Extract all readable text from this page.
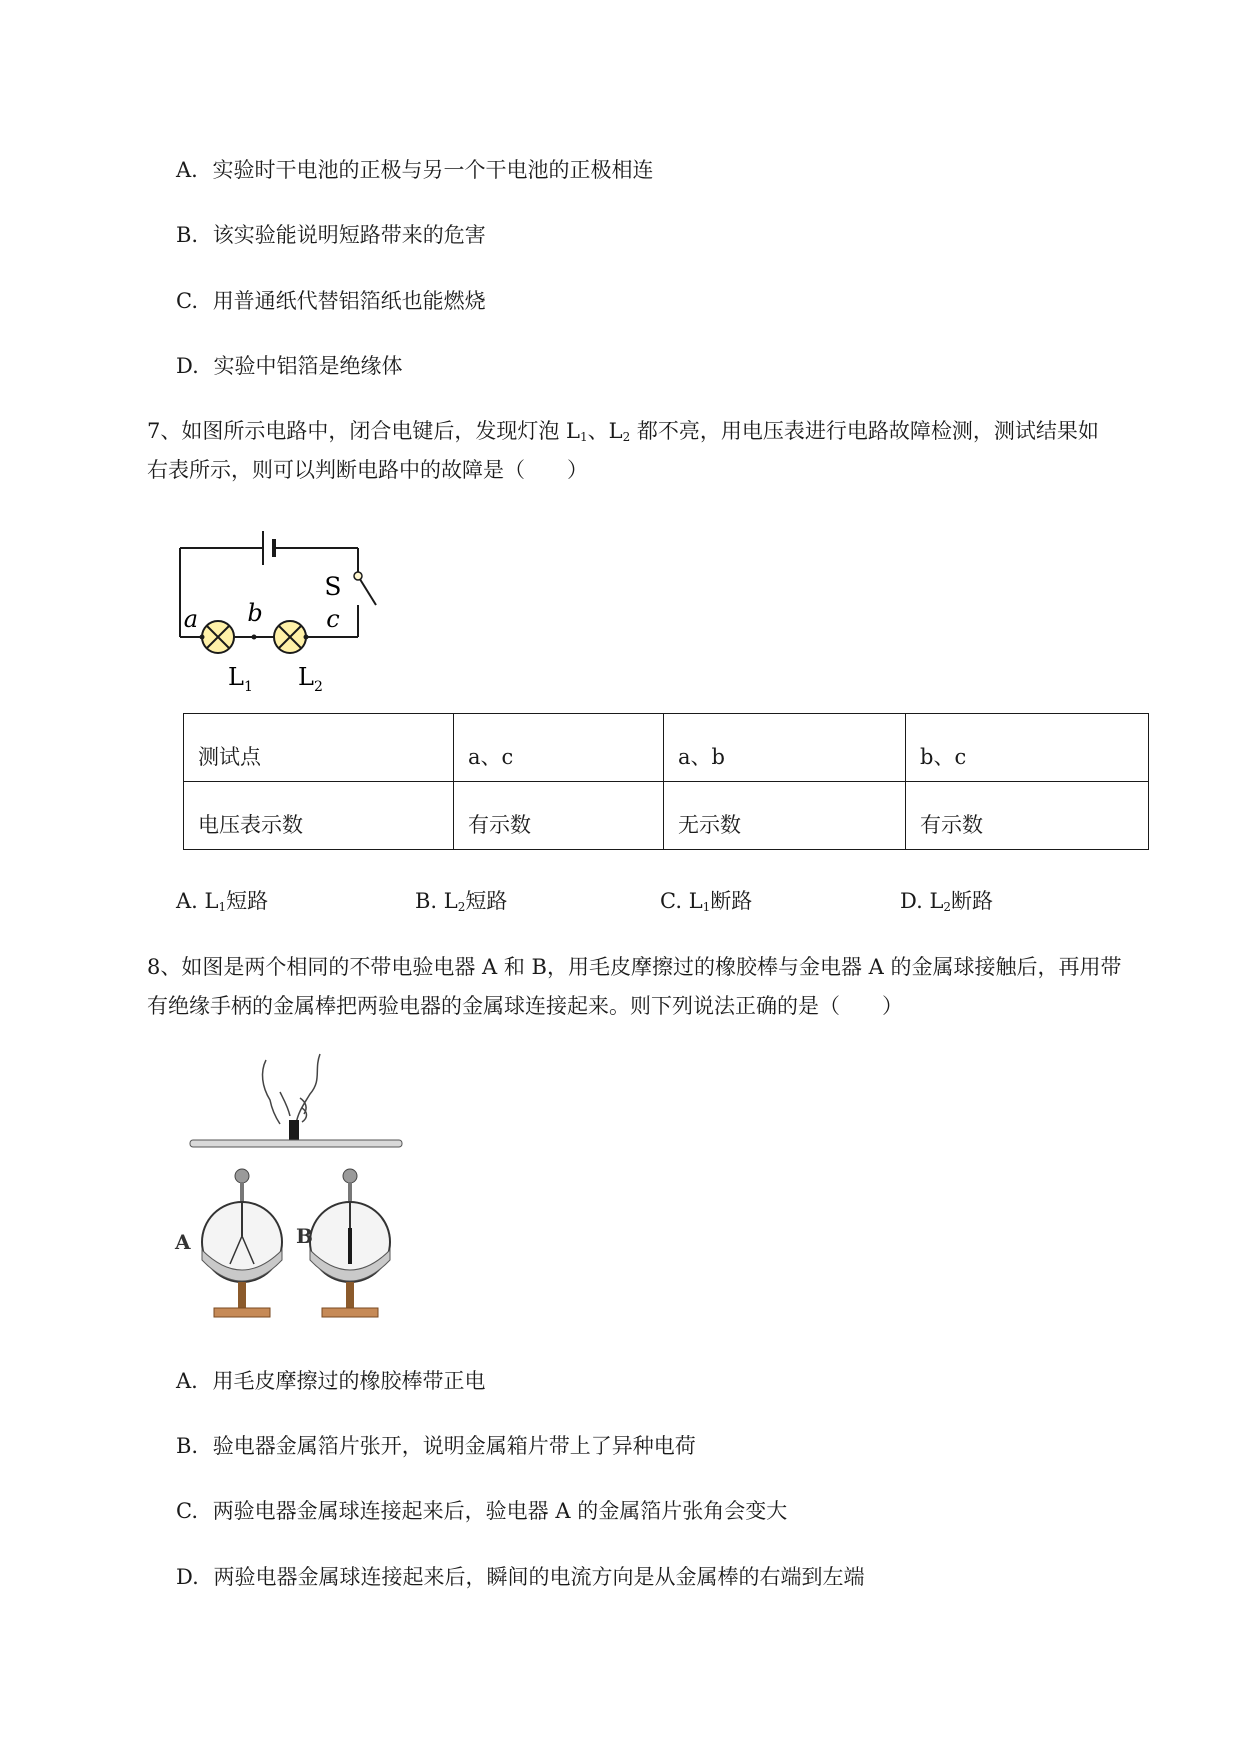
A. 实验时干电池的正极与另一个干电池的正极相连
B. 该实验能说明短路带来的危害
C. 用普通纸代替铝箔纸也能燃烧
D. 实验中铝箔是绝缘体
7、如图所示电路中，闭合电键后，发现灯泡 $L_1$、$L_2$ 都不亮，用电压表进行电路故障检测，测试结果如
右表所示，则可以判断电路中的故障是（　　）
a b	c
S
$L_1$ $L_2$
测试点	a、c	a、b	b、c
电压表示数	有示数	无示数	有示数
A. $L_1$短路	B. $L_2$短路	C. $L_1$断路	D. $L_2$断路
8、如图是两个相同的不带电验电器 A 和 B，用毛皮摩擦过的橡胶棒与金电器 A 的金属球接触后，再用带
有绝缘手柄的金属棒把两验电器的金属球连接起来。则下列说法正确的是（　　）
A	B
A. 用毛皮摩擦过的橡胶棒带正电
B. 验电器金属箔片张开，说明金属箱片带上了异种电荷
C. 两验电器金属球连接起来后，验电器 A 的金属箔片张角会变大
D. 两验电器金属球连接起来后，瞬间的电流方向是从金属棒的右端到左端
